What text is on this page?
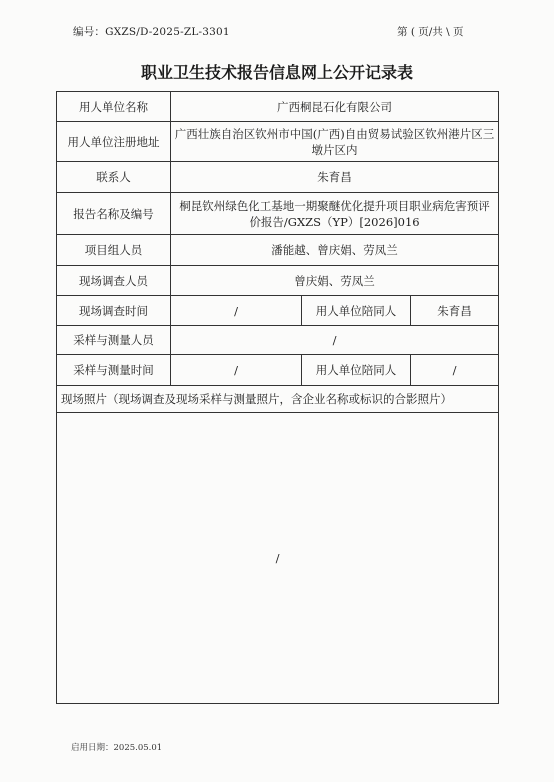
编号：GXZS/D-2025-ZL-3301	第 ( 页/共 \ 页
职业卫生技术报告信息网上公开记录表
用人单位名称	广西桐昆石化有限公司		
用人单位注册地址	广西壮族自治区钦州市中国(广西)自由贸易试验区钦州港片区三墩片区内		
联系人	朱育昌		
报告名称及编号	桐昆钦州绿色化工基地一期聚醚优化提升项目职业病危害预评价报告/GXZS（YP）[2026]016		
项目组人员	潘能越、曾庆娟、劳凤兰		
现场调查人员	曾庆娟、劳凤兰		
现场调查时间	/	用人单位陪同人	朱育昌
采样与测量人员	/		
采样与测量时间	/	用人单位陪同人	/
现场照片（现场调查及现场采样与测量照片，含企业名称或标识的合影照片）			
/			
启用日期：2025.05.01
